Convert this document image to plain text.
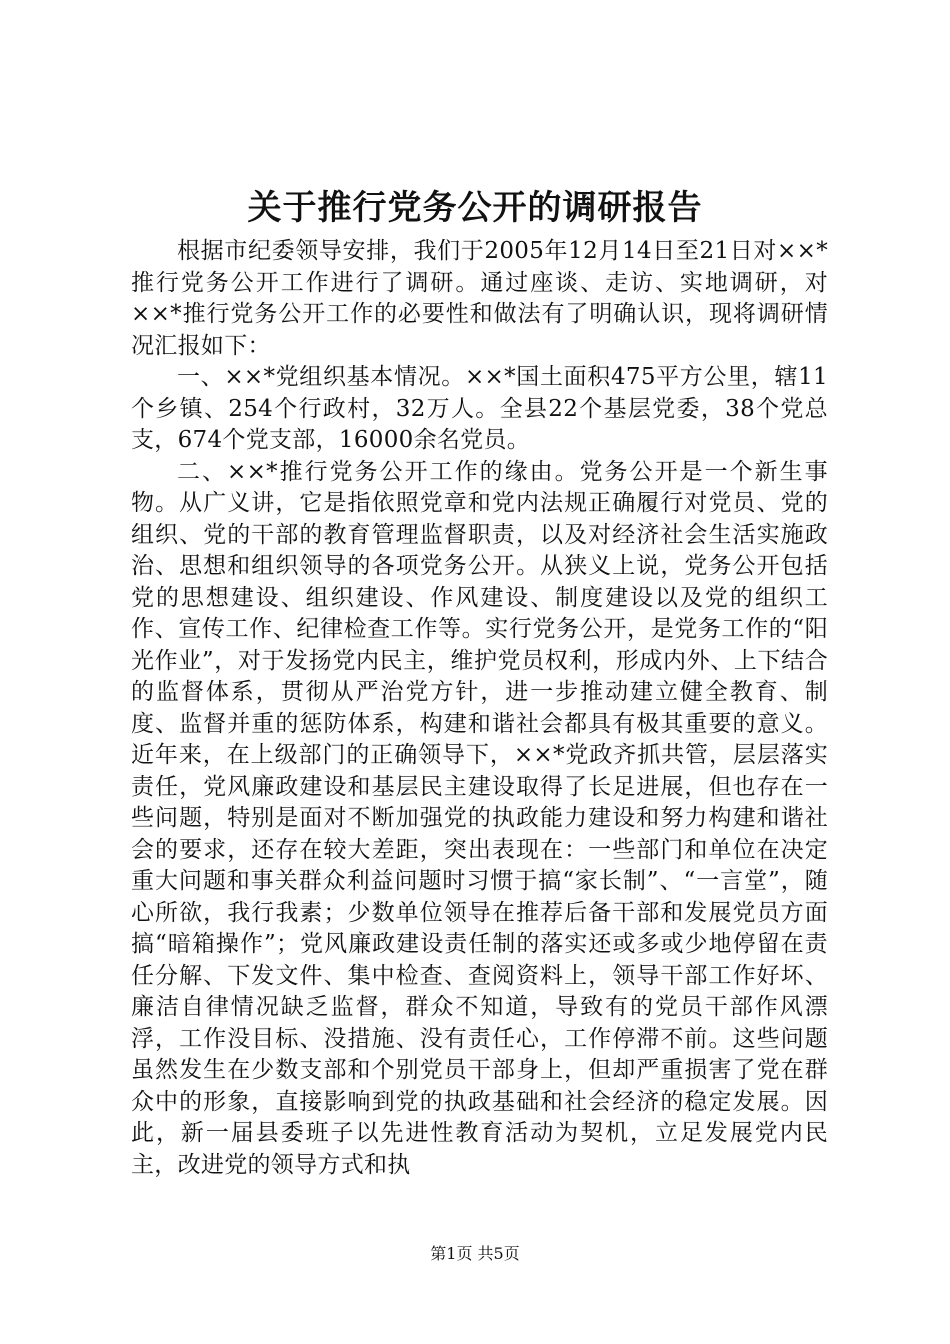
关于推行党务公开的调研报告

根据市纪委领导安排，我们于2005年12月14日至21日对××*推行党务公开工作进行了调研。通过座谈、走访、实地调研，对××*推行党务公开工作的必要性和做法有了明确认识，现将调研情况汇报如下：

一、××*党组织基本情况。××*国土面积475平方公里，辖11个乡镇、254个行政村，32万人。全县22个基层党委，38个党总支，674个党支部，16000余名党员。

二、××*推行党务公开工作的缘由。党务公开是一个新生事物。从广义讲，它是指依照党章和党内法规正确履行对党员、党的组织、党的干部的教育管理监督职责，以及对经济社会生活实施政治、思想和组织领导的各项党务公开。从狭义上说，党务公开包括党的思想建设、组织建设、作风建设、制度建设以及党的组织工作、宣传工作、纪律检查工作等。实行党务公开，是党务工作的“阳光作业”，对于发扬党内民主，维护党员权利，形成内外、上下结合的监督体系，贯彻从严治党方针，进一步推动建立健全教育、制度、监督并重的惩防体系，构建和谐社会都具有极其重要的意义。近年来，在上级部门的正确领导下，××*党政齐抓共管，层层落实责任，党风廉政建设和基层民主建设取得了长足进展，但也存在一些问题，特别是面对不断加强党的执政能力建设和努力构建和谐社会的要求，还存在较大差距，突出表现在：一些部门和单位在决定重大问题和事关群众利益问题时习惯于搞“家长制”、“一言堂”，随心所欲，我行我素；少数单位领导在推荐后备干部和发展党员方面搞“暗箱操作”；党风廉政建设责任制的落实还或多或少地停留在责任分解、下发文件、集中检查、查阅资料上，领导干部工作好坏、廉洁自律情况缺乏监督，群众不知道，导致有的党员干部作风漂浮，工作没目标、没措施、没有责任心，工作停滞不前。这些问题虽然发生在少数支部和个别党员干部身上，但却严重损害了党在群众中的形象，直接影响到党的执政基础和社会经济的稳定发展。因此，新一届县委班子以先进性教育活动为契机，立足发展党内民主，改进党的领导方式和执

第1页 共5页
